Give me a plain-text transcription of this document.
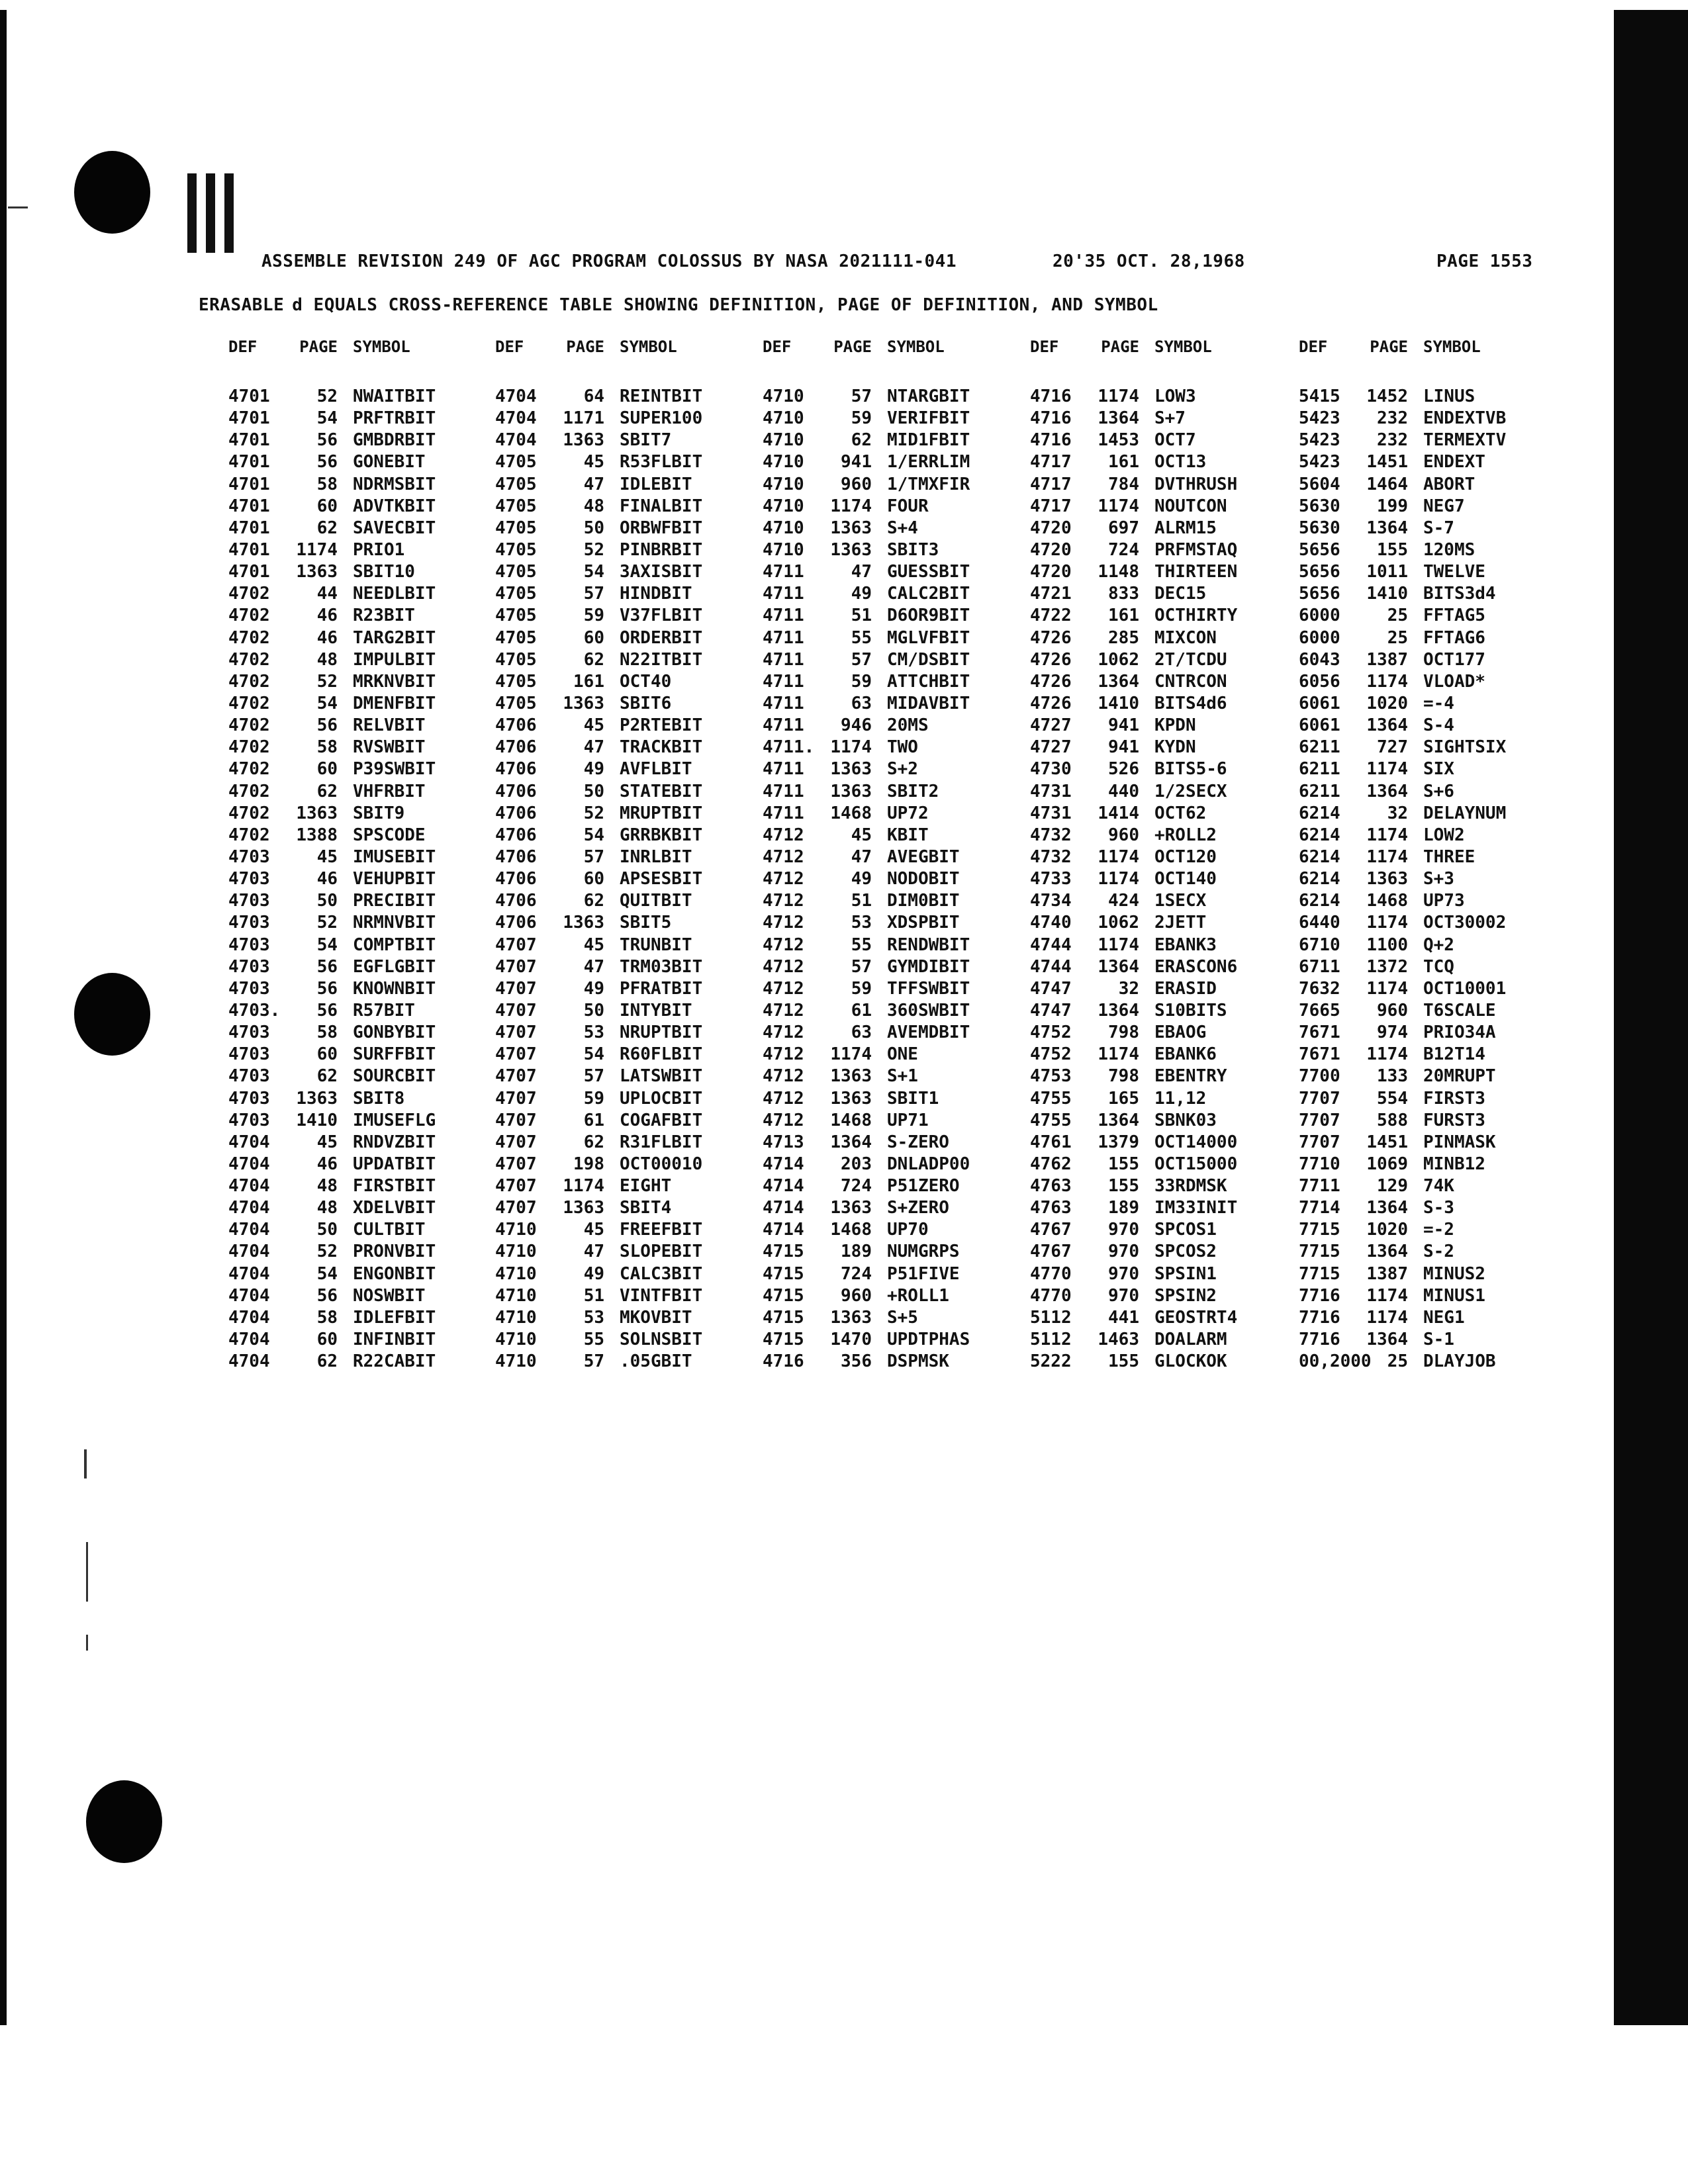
ASSEMBLE REVISION 249 OF AGC PROGRAM COLOSSUS BY NASA 2021111-041	20'35 OCT. 28,1968	PAGE 1553
ERASABLE d EQUALS CROSS-REFERENCE TABLE SHOWING DEFINITION, PAGE OF DEFINITION, AND SYMBOL
DEF	PAGE SYMBOL
4701	52 NWAITBIT
4701	54 PRFTRBIT
4701	56 GMBDRBIT
4701	56 GONEBIT
4701	58 NDRMSBIT
4701	60 ADVTKBIT
4701	62 SAVECBIT
4701	1174 PRIO1
4701	1363 SBIT10
4702	44 NEEDLBIT
4702	46 R23BIT
4702	46 TARG2BIT
4702	48 IMPULBIT
4702	52 MRKNVBIT
4702	54 DMENFBIT
4702	56 RELVBIT
4702	58 RVSWBIT
4702	60 P39SWBIT
4702	62 VHFRBIT
4702	1363 SBIT9
4702	1388 SPSCODE
4703	45 IMUSEBIT
4703	46 VEHUPBIT
4703	50 PRECIBIT
4703	52 NRMNVBIT
4703	54 COMPTBIT
4703	56 EGFLGBIT
4703	56 KNOWNBIT
4703.	56 R57BIT
4703	58 GONBYBIT
4703	60 SURFFBIT
4703	62 SOURCBIT
4703	1363 SBIT8
4703	1410 IMUSEFLG
4704	45 RNDVZBIT
4704	46 UPDATBIT
4704	48 FIRSTBIT
4704	48 XDELVBIT
4704	50 CULTBIT
4704	52 PRONVBIT
4704	54 ENGONBIT
4704	56 NOSWBIT
4704	58 IDLEFBIT
4704	60 INFINBIT
4704	62 R22CABIT
DEF	PAGE SYMBOL
4704	64 REINTBIT
4704	1171 SUPER100
4704	1363 SBIT7
4705	45 R53FLBIT
4705	47 IDLEBIT
4705	48 FINALBIT
4705	50 ORBWFBIT
4705	52 PINBRBIT
4705	54 3AXISBIT
4705	57 HINDBIT
4705	59 V37FLBIT
4705	60 ORDERBIT
4705	62 N22ITBIT
4705	161 OCT40
4705	1363 SBIT6
4706	45 P2RTEBIT
4706	47 TRACKBIT
4706	49 AVFLBIT
4706	50 STATEBIT
4706	52 MRUPTBIT
4706	54 GRRBKBIT
4706	57 INRLBIT
4706	60 APSESBIT
4706	62 QUITBIT
4706	1363 SBIT5
4707	45 TRUNBIT
4707	47 TRM03BIT
4707	49 PFRATBIT
4707	50 INTYBIT
4707	53 NRUPTBIT
4707	54 R60FLBIT
4707	57 LATSWBIT
4707	59 UPLOCBIT
4707	61 COGAFBIT
4707	62 R31FLBIT
4707	198 OCT00010
4707	1174 EIGHT
4707	1363 SBIT4
4710	45 FREEFBIT
4710	47 SLOPEBIT
4710	49 CALC3BIT
4710	51 VINTFBIT
4710	53 MKOVBIT
4710	55 SOLNSBIT
4710	57 .05GBIT
DEF	PAGE SYMBOL
4710	57 NTARGBIT
4710	59 VERIFBIT
4710	62 MID1FBIT
4710	941 1/ERRLIM
4710	960 1/TMXFIR
4710	1174 FOUR
4710	1363 S+4
4710	1363 SBIT3
4711	47 GUESSBIT
4711	49 CALC2BIT
4711	51 D6OR9BIT
4711	55 MGLVFBIT
4711	57 CM/DSBIT
4711	59 ATTCHBIT
4711	63 MIDAVBIT
4711	946 20MS
4711. 1174 TWO
4711	1363 S+2
4711	1363 SBIT2
4711	1468 UP72
4712	45 KBIT
4712	47 AVEGBIT
4712	49 NODOBIT
4712	51 DIM0BIT
4712	53 XDSPBIT
4712	55 RENDWBIT
4712	57 GYMDIBIT
4712	59 TFFSWBIT
4712	61 360SWBIT
4712	63 AVEMDBIT
4712	1174 ONE
4712	1363 S+1
4712	1363 SBIT1
4712	1468 UP71
4713	1364 S-ZERO
4714	203 DNLADP00
4714	724 P51ZERO
4714	1363 S+ZERO
4714	1468 UP70
4715	189 NUMGRPS
4715	724 P51FIVE
4715	960 +ROLL1
4715	1363 S+5
4715	1470 UPDTPHAS
4716	356 DSPMSK
DEF	PAGE SYMBOL
4716	1174 LOW3
4716	1364 S+7
4716	1453 OCT7
4717	161 OCT13
4717	784 DVTHRUSH
4717	1174 NOUTCON
4720	697 ALRM15
4720	724 PRFMSTAQ
4720	1148 THIRTEEN
4721	833 DEC15
4722	161 OCTHIRTY
4726	285 MIXCON
4726	1062 2T/TCDU
4726	1364 CNTRCON
4726	1410 BITS4d6
4727	941 KPDN
4727	941 KYDN
4730	526 BITS5-6
4731	440 1/2SECX
4731	1414 OCT62
4732	960 +ROLL2
4732	1174 OCT120
4733	1174 OCT140
4734	424 1SECX
4740	1062 2JETT
4744	1174 EBANK3
4744	1364 ERASCON6
4747	32 ERASID
4747	1364 S10BITS
4752	798 EBAOG
4752	1174 EBANK6
4753	798 EBENTRY
4755	165 11,12
4755	1364 SBNK03
4761	1379 OCT14000
4762	155 OCT15000
4763	155 33RDMSK
4763	189 IM33INIT
4767	970 SPCOS1
4767	970 SPCOS2
4770	970 SPSIN1
4770	970 SPSIN2
5112	441 GEOSTRT4
5112	1463 DOALARM
5222	155 GLOCKOK
DEF	PAGE SYMBOL
5415	1452 LINUS
5423	232 ENDEXTVB
5423	232 TERMEXTV
5423	1451 ENDEXT
5604	1464 ABORT
5630	199 NEG7
5630	1364 S-7
5656	155 120MS
5656	1011 TWELVE
5656	1410 BITS3d4
6000	25 FFTAG5
6000	25 FFTAG6
6043	1387 OCT177
6056	1174 VLOAD*
6061	1020 =-4
6061	1364 S-4
6211	727 SIGHTSIX
6211	1174 SIX
6211	1364 S+6
6214	32 DELAYNUM
6214	1174 LOW2
6214	1174 THREE
6214	1363 S+3
6214	1468 UP73
6440	1174 OCT30002
6710	1100 Q+2
6711	1372 TCQ
7632	1174 OCT10001
7665	960 T6SCALE
7671	974 PRIO34A
7671	1174 B12T14
7700	133 20MRUPT
7707	554 FIRST3
7707	588 FURST3
7707	1451 PINMASK
7710	1069 MINB12
7711	129 74K
7714	1364 S-3
7715	1020 =-2
7715	1364 S-2
7715	1387 MINUS2
7716	1174 MINUS1
7716	1174 NEG1
7716	1364 S-1
00,2000 25 DLAYJOB
